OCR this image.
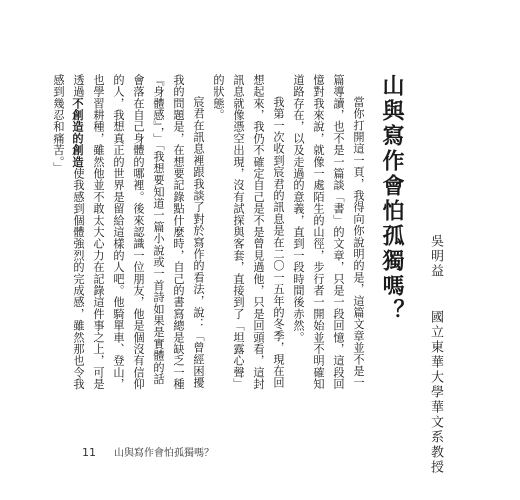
山與寫作會怕孤獨嗎？ 吳明益 國立東華大學華文系教授

當你打開這一頁，我得向你說明的是，這篇文章並不是一篇導讀，也不是一篇談「書」的文章，只是一段回憶，這段回憶對我來說，就像一處陌生的山徑，步行者一開始並不明確知道路存在，以及走過的意義，直到一段時間後赤然。

我第一次收到宸君的訊息是在二〇一五年的冬季，現在回想起來，我仍不確定自己是不是曾見過他，只是回頭看，這封訊息就像憑空出現，沒有試探與客套，直接到了「坦露心聲」的狀態。

宸君在訊息裡跟我談了對於寫作的看法，說：「曾經困擾我的問題是，在想要記錄點什麼時，自己的書寫總是缺乏一種『身體感』，」「我想要知道一篇小說或一首詩如果是實體的話會落在自己身體的哪裡。後來認識一位朋友，他是個沒有信仰的人，我想真正的世界是留給這樣的人吧。他騎單車、登山，也學習耕種，雖然他並不敢太大心力在記錄這件事之上，可是透過不創造的創造使我感到個體強烈的完成感，雖然那也令我感到幾忍和痛苦。」

11 山與寫作會怕孤獨嗎？
